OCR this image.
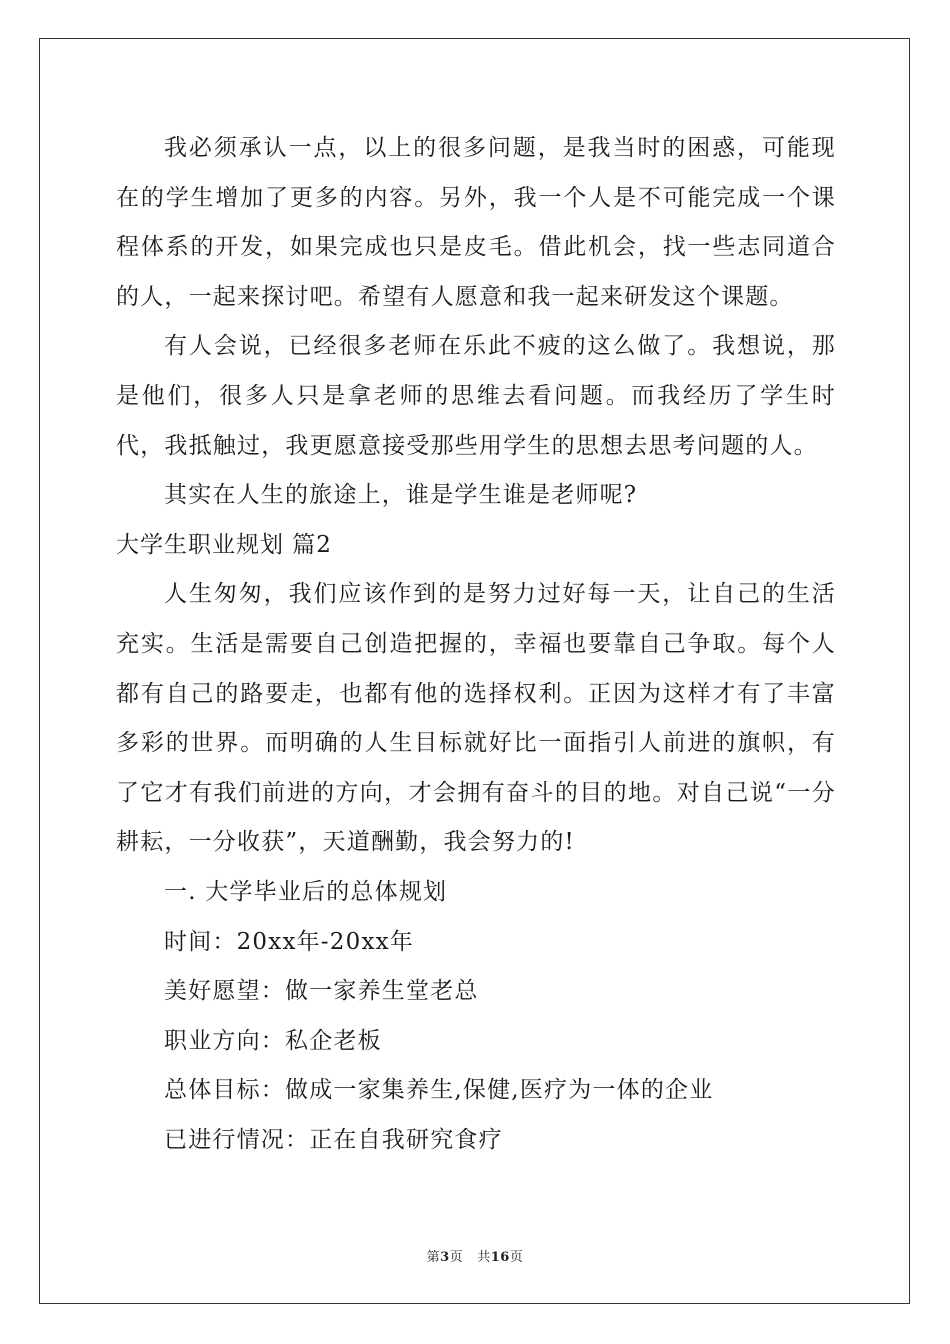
我必须承认一点，以上的很多问题，是我当时的困惑，可能现在的学生增加了更多的内容。另外，我一个人是不可能完成一个课程体系的开发，如果完成也只是皮毛。借此机会，找一些志同道合的人，一起来探讨吧。希望有人愿意和我一起来研发这个课题。

有人会说，已经很多老师在乐此不疲的这么做了。我想说，那是他们，很多人只是拿老师的思维去看问题。而我经历了学生时代，我抵触过，我更愿意接受那些用学生的思想去思考问题的人。

其实在人生的旅途上，谁是学生谁是老师呢?

大学生职业规划 篇2

人生匆匆，我们应该作到的是努力过好每一天，让自己的生活充实。生活是需要自己创造把握的，幸福也要靠自己争取。每个人都有自己的路要走，也都有他的选择权利。正因为这样才有了丰富多彩的世界。而明确的人生目标就好比一面指引人前进的旗帜，有了它才有我们前进的方向，才会拥有奋斗的目的地。对自己说“一分耕耘，一分收获”，天道酬勤，我会努力的!

一. 大学毕业后的总体规划

时间：20xx年-20xx年

美好愿望：做一家养生堂老总

职业方向：私企老板

总体目标：做成一家集养生,保健,医疗为一体的企业

已进行情况：正在自我研究食疗

第3页 共16页
